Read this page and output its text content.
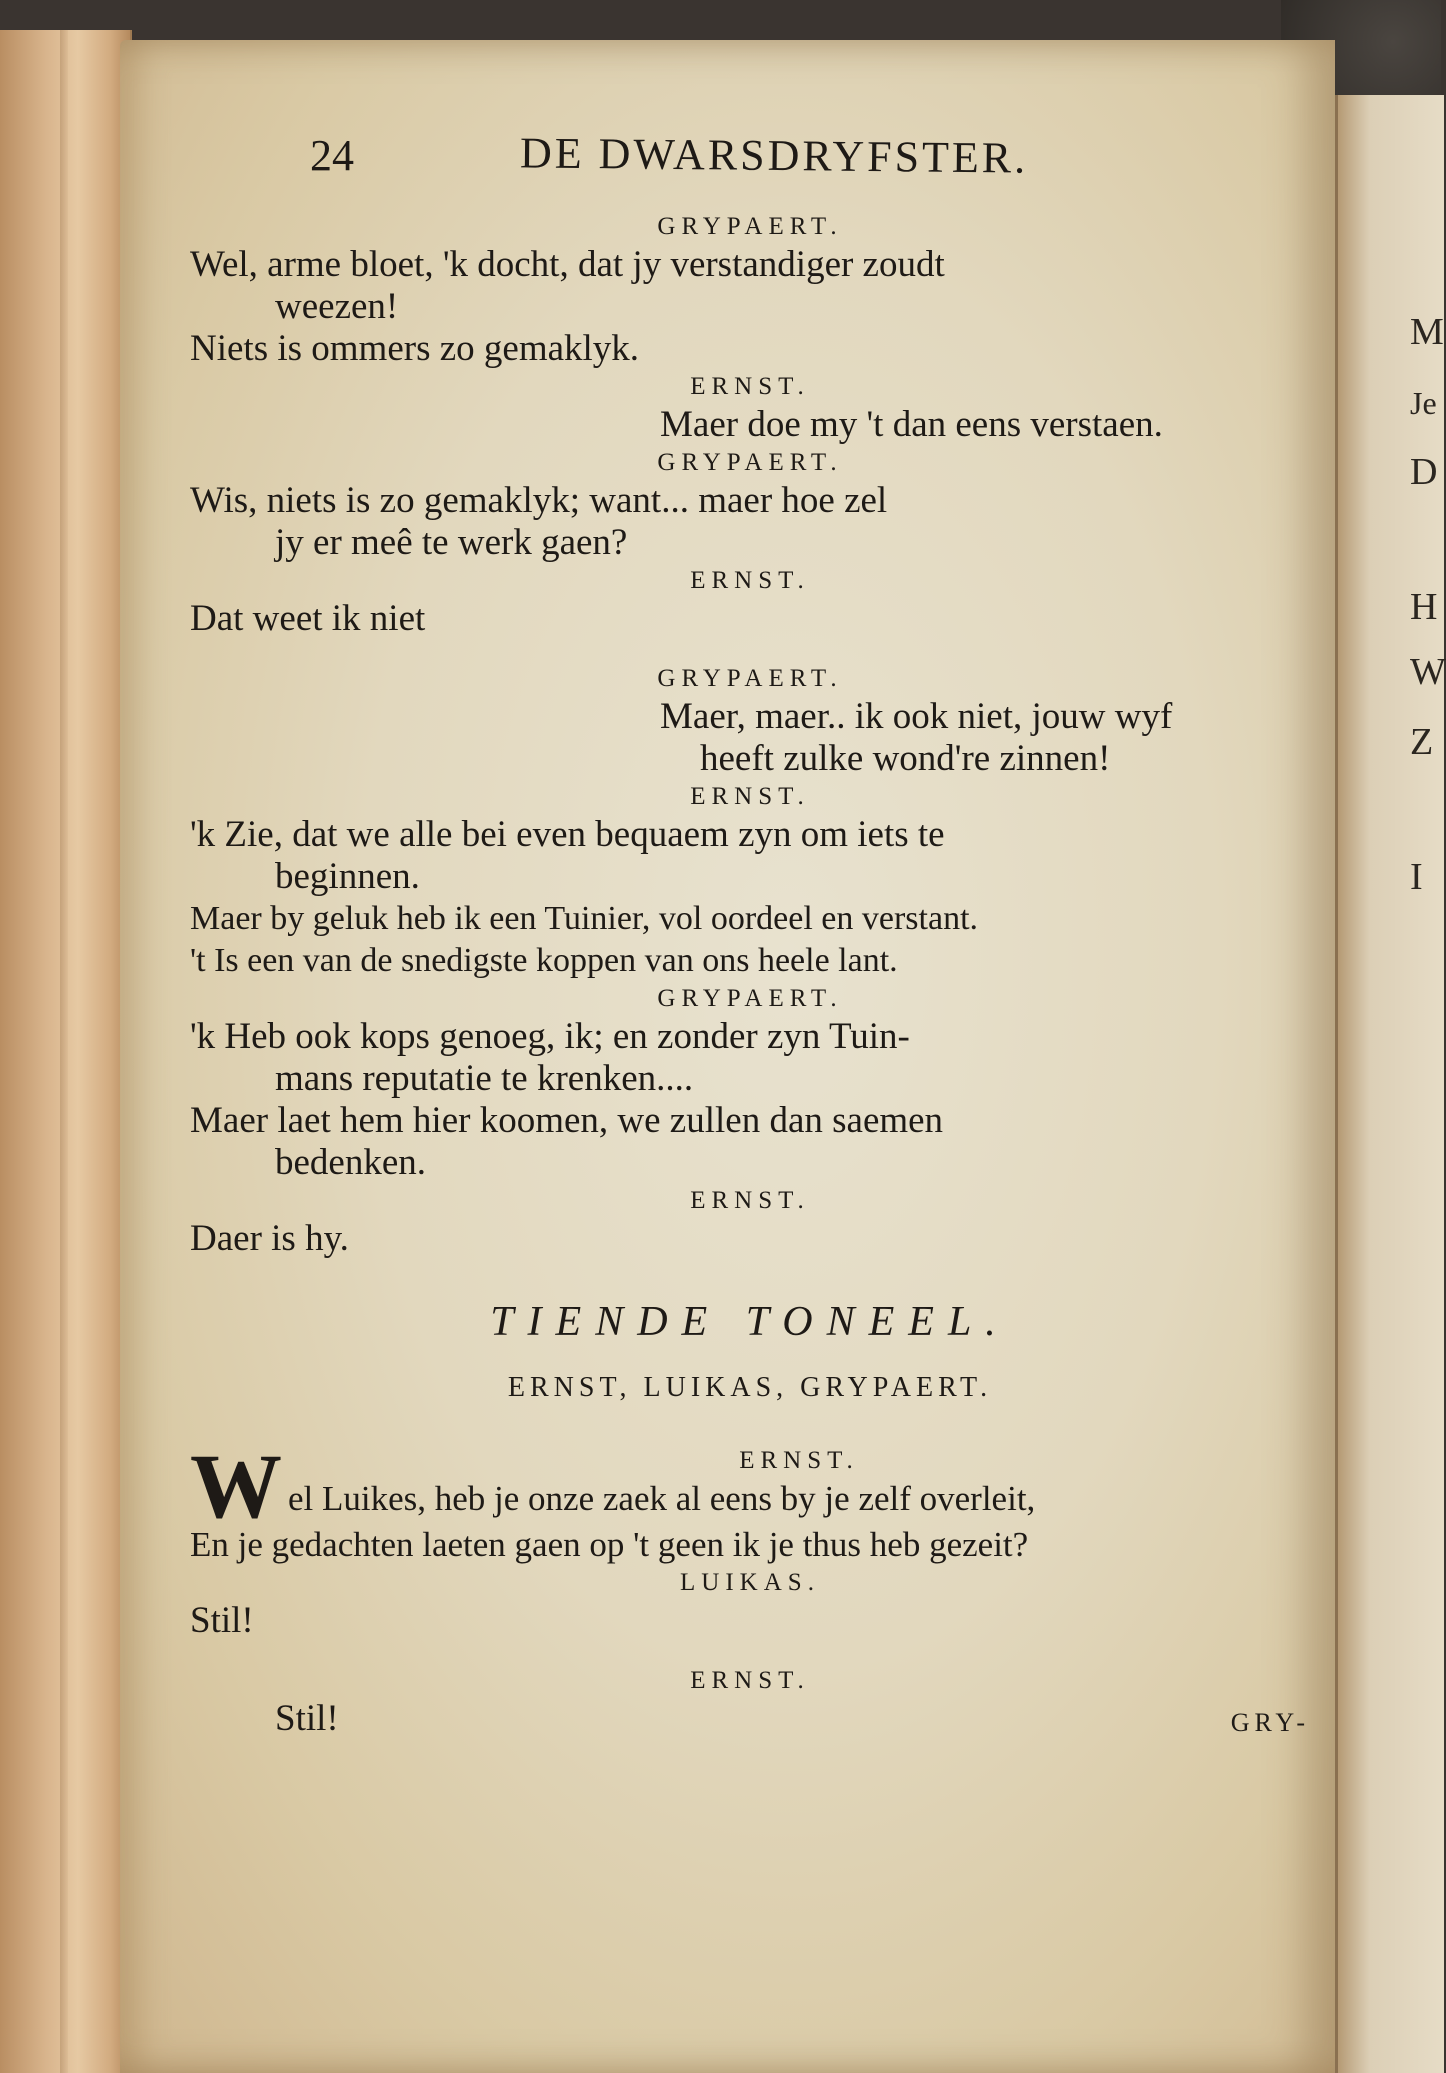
M
Je
D
H
W
Z
I
24	DE DWARSDRYFSTER.

GRYPAERT.

Wel, arme bloet, 'k docht, dat jy verstandiger zoudt

weezen!

Niets is ommers zo gemaklyk.

ERNST.

Maer doe my 't dan eens verstaen.

GRYPAERT.

Wis, niets is zo gemaklyk; want... maer hoe zel

jy er meê te werk gaen?

ERNST.

Dat weet ik niet

GRYPAERT.

Maer, maer.. ik ook niet, jouw wyf

heeft zulke wond're zinnen!

ERNST.

'k Zie, dat we alle bei even bequaem zyn om iets te

beginnen.

Maer by geluk heb ik een Tuinier, vol oordeel en verstant.

't Is een van de snedigste koppen van ons heele lant.

GRYPAERT.

'k Heb ook kops genoeg, ik; en zonder zyn Tuin-

mans reputatie te krenken....

Maer laet hem hier koomen, we zullen dan saemen

bedenken.

ERNST.

Daer is hy.

TIENDE TONEEL.

ERNST, LUIKAS, GRYPAERT.

W	ERNST.

el Luikes, heb je onze zaek al eens by je zelf overleit,

En je gedachten laeten gaen op 't geen ik je thus heb gezeit?

LUIKAS.

Stil!

ERNST.

Stil!	GRY-
